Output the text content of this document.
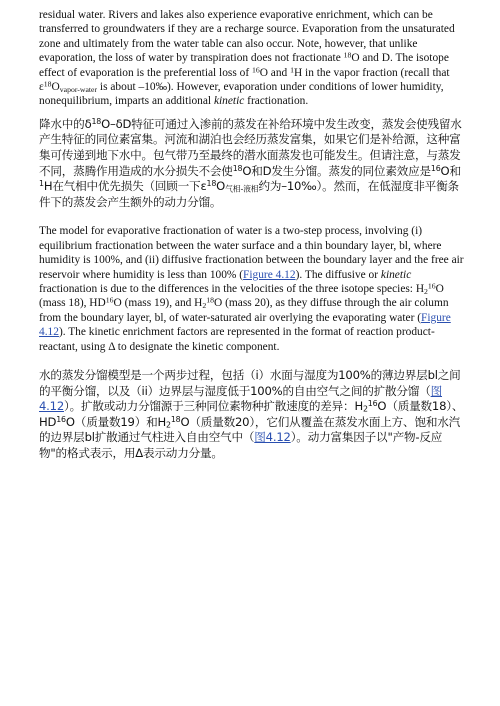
residual water. Rivers and lakes also experience evaporative enrichment, which can be transferred to groundwaters if they are a recharge source. Evaporation from the unsaturated zone and ultimately from the water table can also occur. Note, however, that unlike evaporation, the loss of water by transpiration does not fractionate $^{18}$O and D. The isotope effect of evaporation is the preferential loss of $^{16}$O and $^1$H in the vapor fraction (recall that $\varepsilon^{18}O_{vapor-water}$ is about –10‰). However, evaporation under conditions of lower humidity, nonequilibrium, imparts an additional kinetic fractionation.

降水中的$\delta^{18}O-\delta D$特征可通过入渗前的蒸发在补给环境中发生改变，蒸发会使残留水产生特征的同位素富集。河流和湖泊也会经历蒸发富集，如果它们是补给源，这种富集可传递到地下水中。包气带乃至最终的潜水面蒸发也可能发生。但请注意，与蒸发不同，蒸腾作用造成的水分损失不会使$^{18}$O和D发生分馏。蒸发的同位素效应是$^{16}$O和$^1$H在气相中优先损失（回顾一下$\varepsilon^{18}O_{气相-液相}$约为–10‰）。然而，在低湿度非平衡条件下的蒸发会产生额外的动力分馏。

The model for evaporative fractionation of water is a two-step process, involving (i) equilibrium fractionation between the water surface and a thin boundary layer, bl, where humidity is 100%, and (ii) diffusive fractionation between the boundary layer and the free air reservoir where humidity is less than 100% (Figure 4.12). The diffusive or kinetic fractionation is due to the differences in the velocities of the three isotope species: $H_2^{16}O$ (mass 18), HD$^{16}$O (mass 19), and $H_2^{18}O$ (mass 20), as they diffuse through the air column from the boundary layer, bl, of water-saturated air overlying the evaporating water (Figure 4.12). The kinetic enrichment factors are represented in the format of reaction product-reactant, using Δ to designate the kinetic component.

水的蒸发分馏模型是一个两步过程，包括（i）水面与湿度为100%的薄边界层bl之间的平衡分馏，以及（ii）边界层与湿度低于100%的自由空气之间的扩散分馏（图4.12）。扩散或动力分馏源于三种同位素物种扩散速度的差异：$H_2^{16}O$（质量数18）、HD$^{16}$O（质量数19）和$H_2^{18}O$（质量数20），它们从覆盖在蒸发水面上方、饱和水汽的边界层bl扩散通过气柱进入自由空气中（图4.12）。动力富集因子以"产物-反应物"的格式表示，用Δ表示动力分量。
